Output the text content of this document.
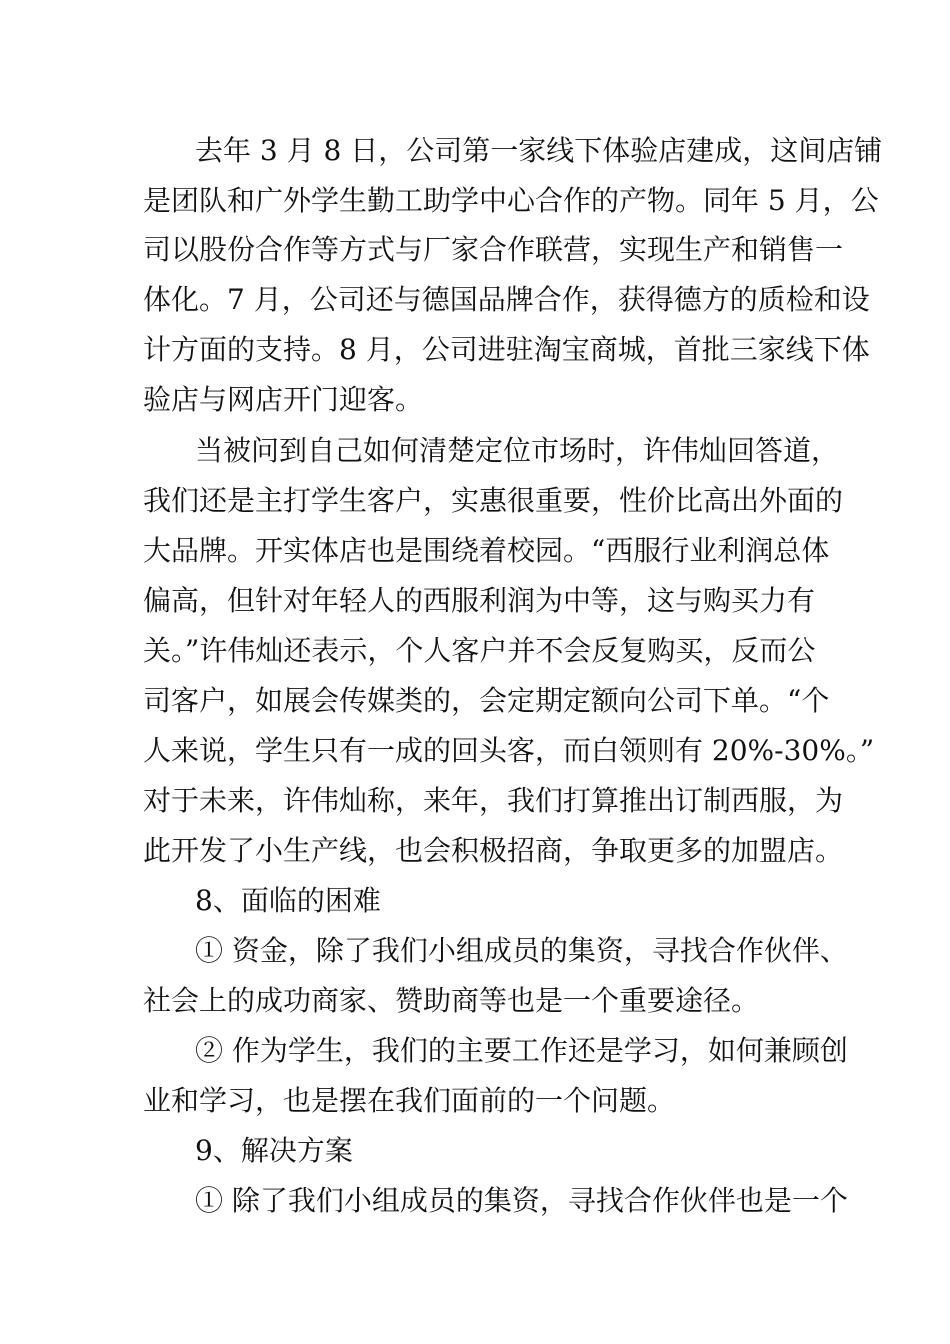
去年 3 月 8 日，公司第一家线下体验店建成，这间店铺
是团队和广外学生勤工助学中心合作的产物。同年 5 月，公
司以股份合作等方式与厂家合作联营，实现生产和销售一
体化。7 月，公司还与德国品牌合作，获得德方的质检和设
计方面的支持。8 月，公司进驻淘宝商城，首批三家线下体
验店与网店开门迎客。
当被问到自己如何清楚定位市场时，许伟灿回答道，
我们还是主打学生客户，实惠很重要，性价比高出外面的
大品牌。开实体店也是围绕着校园。“西服行业利润总体
偏高，但针对年轻人的西服利润为中等，这与购买力有
关。”许伟灿还表示，个人客户并不会反复购买，反而公
司客户，如展会传媒类的，会定期定额向公司下单。“个
人来说，学生只有一成的回头客，而白领则有 20%-30%。”
对于未来，许伟灿称，来年，我们打算推出订制西服，为
此开发了小生产线，也会积极招商，争取更多的加盟店。
8、面临的困难
① 资金，除了我们小组成员的集资，寻找合作伙伴、
社会上的成功商家、赞助商等也是一个重要途径。
② 作为学生，我们的主要工作还是学习，如何兼顾创
业和学习，也是摆在我们面前的一个问题。
9、解决方案
① 除了我们小组成员的集资，寻找合作伙伴也是一个
